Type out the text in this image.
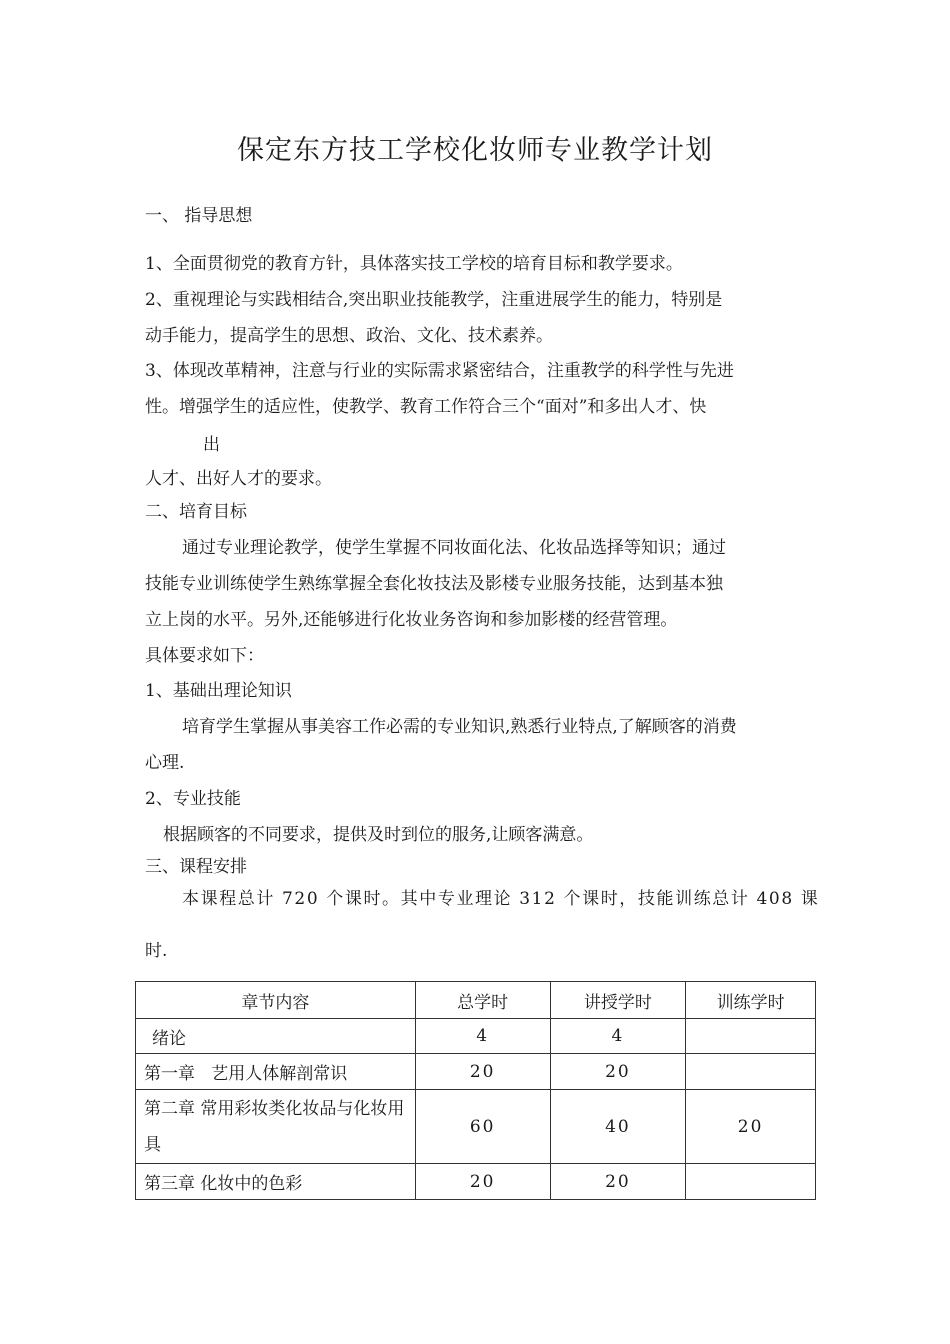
保定东方技工学校化妆师专业教学计划
一、 指导思想
1、全面贯彻党的教育方针，具体落实技工学校的培育目标和教学要求。
2、重视理论与实践相结合,突出职业技能教学，注重进展学生的能力，特别是
动手能力，提高学生的思想、政治、文化、技术素养。
3、体现改革精神，注意与行业的实际需求紧密结合，注重教学的科学性与先进
性。增强学生的适应性，使教学、教育工作符合三个“面对”和多出人才、快
出
人才、出好人才的要求。
二、培育目标
通过专业理论教学，使学生掌握不同妆面化法、化妆品选择等知识；通过
技能专业训练使学生熟练掌握全套化妆技法及影楼专业服务技能，达到基本独
立上岗的水平。另外,还能够进行化妆业务咨询和参加影楼的经营管理。
具体要求如下：
1、基础出理论知识
培育学生掌握从事美容工作必需的专业知识,熟悉行业特点,了解顾客的消费
心理.
2、专业技能
根据顾客的不同要求，提供及时到位的服务,让顾客满意。
三、课程安排
本课程总计 720 个课时。其中专业理论 312 个课时，技能训练总计 408 课
时.
章节内容	总学时	讲授学时	训练学时
绪论	4	4	
第一章   艺用人体解剖常识	20	20	
第二章 常用彩妆类化妆品与化妆用具	60	40	20
第三章 化妆中的色彩	20	20	
